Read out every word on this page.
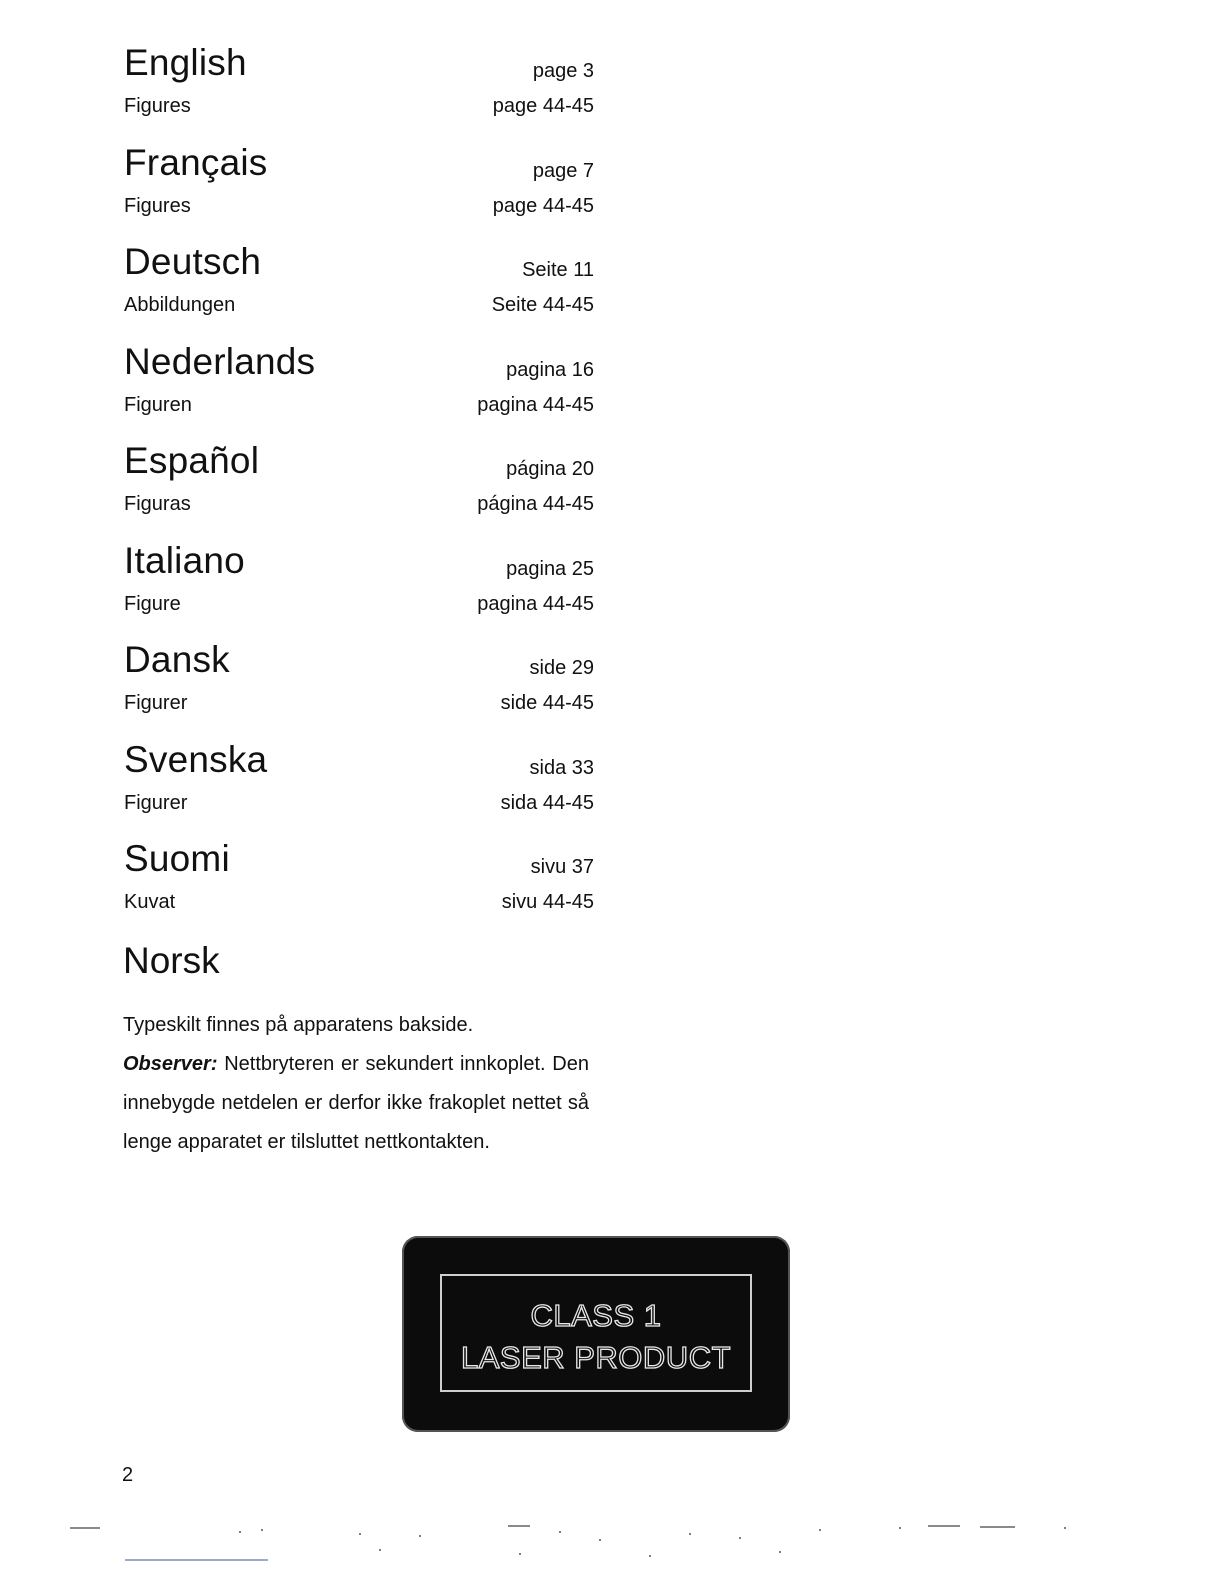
English	page 3
Figures	page 44-45
Français	page 7
Figures	page 44-45
Deutsch	Seite 11
Abbildungen	Seite 44-45
Nederlands	pagina 16
Figuren	pagina 44-45
Español	página 20
Figuras	página 44-45
Italiano	pagina 25
Figure	pagina 44-45
Dansk	side 29
Figurer	side 44-45
Svenska	sida 33
Figurer	sida 44-45
Suomi	sivu 37
Kuvat	sivu 44-45
Norsk

Typeskilt finnes på apparatens bakside.

Observer: Nettbryteren er sekundert innkoplet. Den innebygde netdelen er derfor ikke frakoplet nettet så lenge apparatet er tilsluttet nettkontakten.

CLASS 1
LASER PRODUCT
2
